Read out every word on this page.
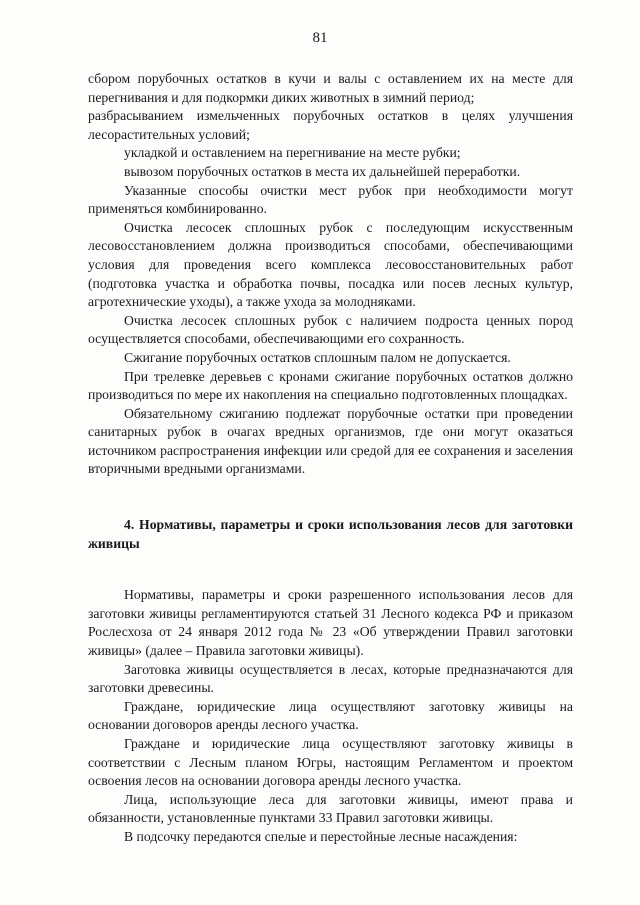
81

сбором порубочных остатков в кучи и валы с оставлением их на месте для перегнивания и для подкормки диких животных в зимний период;

разбрасыванием измельченных порубочных остатков в целях улучшения лесорастительных условий;

укладкой и оставлением на перегнивание на месте рубки;

вывозом порубочных остатков в места их дальнейшей переработки.

Указанные способы очистки мест рубок при необходимости могут применяться комбинированно.

Очистка лесосек сплошных рубок с последующим искусственным лесовосстановлением должна производиться способами, обеспечивающими условия для проведения всего комплекса лесовосстановительных работ (подготовка участка и обработка почвы, посадка или посев лесных культур, агротехнические уходы), а также ухода за молодняками.

Очистка лесосек сплошных рубок с наличием подроста ценных пород осуществляется способами, обеспечивающими его сохранность.

Сжигание порубочных остатков сплошным палом не допускается.

При трелевке деревьев с кронами сжигание порубочных остатков должно производиться по мере их накопления на специально подготовленных площадках.

Обязательному сжиганию подлежат порубочные остатки при проведении санитарных рубок в очагах вредных организмов, где они могут оказаться источником распространения инфекции или средой для ее сохранения и заселения вторичными вредными организмами.

4. Нормативы, параметры и сроки использования лесов для заготовки живицы

Нормативы, параметры и сроки разрешенного использования лесов для заготовки живицы регламентируются статьей 31 Лесного кодекса РФ и приказом Рослесхоза от 24 января 2012 года № 23 «Об утверждении Правил заготовки живицы» (далее – Правила заготовки живицы).

Заготовка живицы осуществляется в лесах, которые предназначаются для заготовки древесины.

Граждане, юридические лица осуществляют заготовку живицы на основании договоров аренды лесного участка.

Граждане и юридические лица осуществляют заготовку живицы в соответствии с Лесным планом Югры, настоящим Регламентом и проектом освоения лесов на основании договора аренды лесного участка.

Лица, использующие леса для заготовки живицы, имеют права и обязанности, установленные пунктами 33 Правил заготовки живицы.

В подсочку передаются спелые и перестойные лесные насаждения:
